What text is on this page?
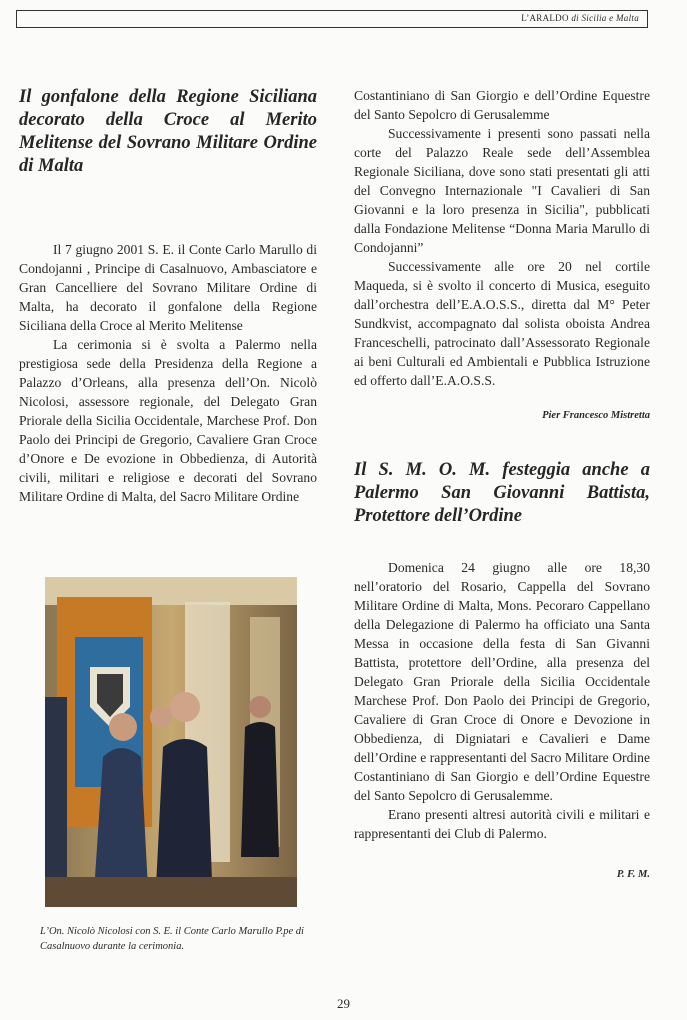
L’ARALDO di Sicilia e Malta
Il gonfalone della Regione Siciliana decorato della Croce al Merito Melitense del Sovrano Militare Ordine di Malta

Il 7 giugno 2001 S. E. il Conte Carlo Marullo di Condojanni , Principe di Casalnuovo, Ambasciatore e Gran Cancelliere del Sovrano Militare Ordine di Malta, ha decorato il gonfalone della Regione Siciliana della Croce al Merito Melitense

La cerimonia si è svolta a Palermo nella prestigiosa sede della Presidenza della Regione a Palazzo d’Orleans, alla presenza dell’On. Nicolò Nicolosi, assessore regionale, del Delegato Gran Priorale della Sicilia Occidentale, Marchese Prof. Don Paolo dei Principi de Gregorio, Cavaliere Gran Croce d’Onore e De evozione in Obbedienza, di Autorità civili, militari e religiose e decorati del Sovrano Militare Ordine di Malta, del Sacro Militare Ordine

L’On. Nicolò Nicolosi con S. E. il Conte Carlo Marullo P.pe di Casalnuovo durante la cerimonia.

Costantiniano di San Giorgio e dell’Ordine Equestre del Santo Sepolcro di Gerusalemme

Successivamente i presenti sono passati nella corte del Palazzo Reale sede dell’Assemblea Regionale Siciliana, dove sono stati presentati gli atti del Convegno Internazionale "I Cavalieri di San Giovanni e la loro presenza in Sicilia", pubblicati dalla Fondazione Melitense “Donna Maria Marullo di Condojanni”

Successivamente alle ore 20 nel cortile Maqueda, si è svolto il concerto di Musica, eseguito dall’orchestra dell’E.A.O.S.S., diretta dal M° Peter Sundkvist, accompagnato dal solista oboista Andrea Franceschelli, patrocinato dall’Assessorato Regionale ai beni Culturali ed Ambientali e Pubblica Istruzione ed offerto dall’E.A.O.S.S.

Pier Francesco Mistretta
Il S. M. O. M. festeggia anche a Palermo San Giovanni Battista, Protettore dell’Ordine

Domenica 24 giugno alle ore 18,30 nell’oratorio del Rosario, Cappella del Sovrano Militare Ordine di Malta, Mons. Pecoraro Cappellano della Delegazione di Palermo ha officiato una Santa Messa in occasione della festa di San Givanni Battista, protettore dell’Ordine, alla presenza del Delegato Gran Priorale della Sicilia Occidentale Marchese Prof. Don Paolo dei Principi de Gregorio, Cavaliere di Gran Croce di Onore e Devozione in Obbedienza, di Digniatari e Cavalieri e Dame dell’Ordine e rappresentanti del Sacro Militare Ordine Costantiniano di San Giorgio e dell’Ordine Equestre del Santo Sepolcro di Gerusalemme.

Erano presenti altresi autorità civili e militari e rappresentanti dei Club di Palermo.

P. F. M.
29
